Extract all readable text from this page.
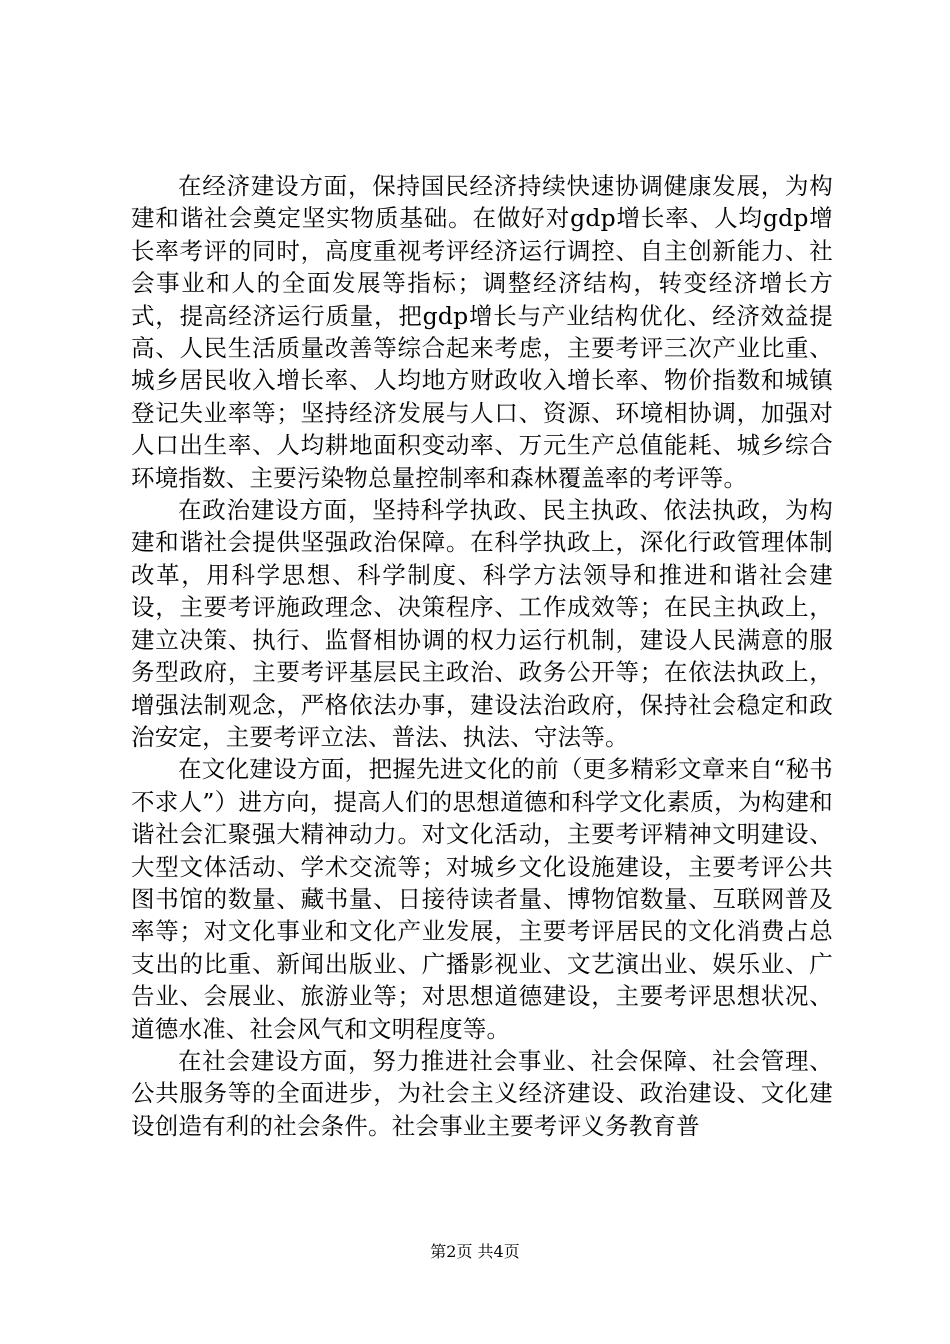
在经济建设方面，保持国民经济持续快速协调健康发展，为构建和谐社会奠定坚实物质基础。在做好对gdp增长率、人均gdp增长率考评的同时，高度重视考评经济运行调控、自主创新能力、社会事业和人的全面发展等指标；调整经济结构，转变经济增长方式，提高经济运行质量，把gdp增长与产业结构优化、经济效益提高、人民生活质量改善等综合起来考虑，主要考评三次产业比重、城乡居民收入增长率、人均地方财政收入增长率、物价指数和城镇登记失业率等；坚持经济发展与人口、资源、环境相协调，加强对人口出生率、人均耕地面积变动率、万元生产总值能耗、城乡综合环境指数、主要污染物总量控制率和森林覆盖率的考评等。

在政治建设方面，坚持科学执政、民主执政、依法执政，为构建和谐社会提供坚强政治保障。在科学执政上，深化行政管理体制改革，用科学思想、科学制度、科学方法领导和推进和谐社会建设，主要考评施政理念、决策程序、工作成效等；在民主执政上，建立决策、执行、监督相协调的权力运行机制，建设人民满意的服务型政府，主要考评基层民主政治、政务公开等；在依法执政上，增强法制观念，严格依法办事，建设法治政府，保持社会稳定和政治安定，主要考评立法、普法、执法、守法等。

在文化建设方面，把握先进文化的前（更多精彩文章来自“秘书不求人”）进方向，提高人们的思想道德和科学文化素质，为构建和谐社会汇聚强大精神动力。对文化活动，主要考评精神文明建设、大型文体活动、学术交流等；对城乡文化设施建设，主要考评公共图书馆的数量、藏书量、日接待读者量、博物馆数量、互联网普及率等；对文化事业和文化产业发展，主要考评居民的文化消费占总支出的比重、新闻出版业、广播影视业、文艺演出业、娱乐业、广告业、会展业、旅游业等；对思想道德建设，主要考评思想状况、道德水准、社会风气和文明程度等。

在社会建设方面，努力推进社会事业、社会保障、社会管理、公共服务等的全面进步，为社会主义经济建设、政治建设、文化建设创造有利的社会条件。社会事业主要考评义务教育普

第2页 共4页
